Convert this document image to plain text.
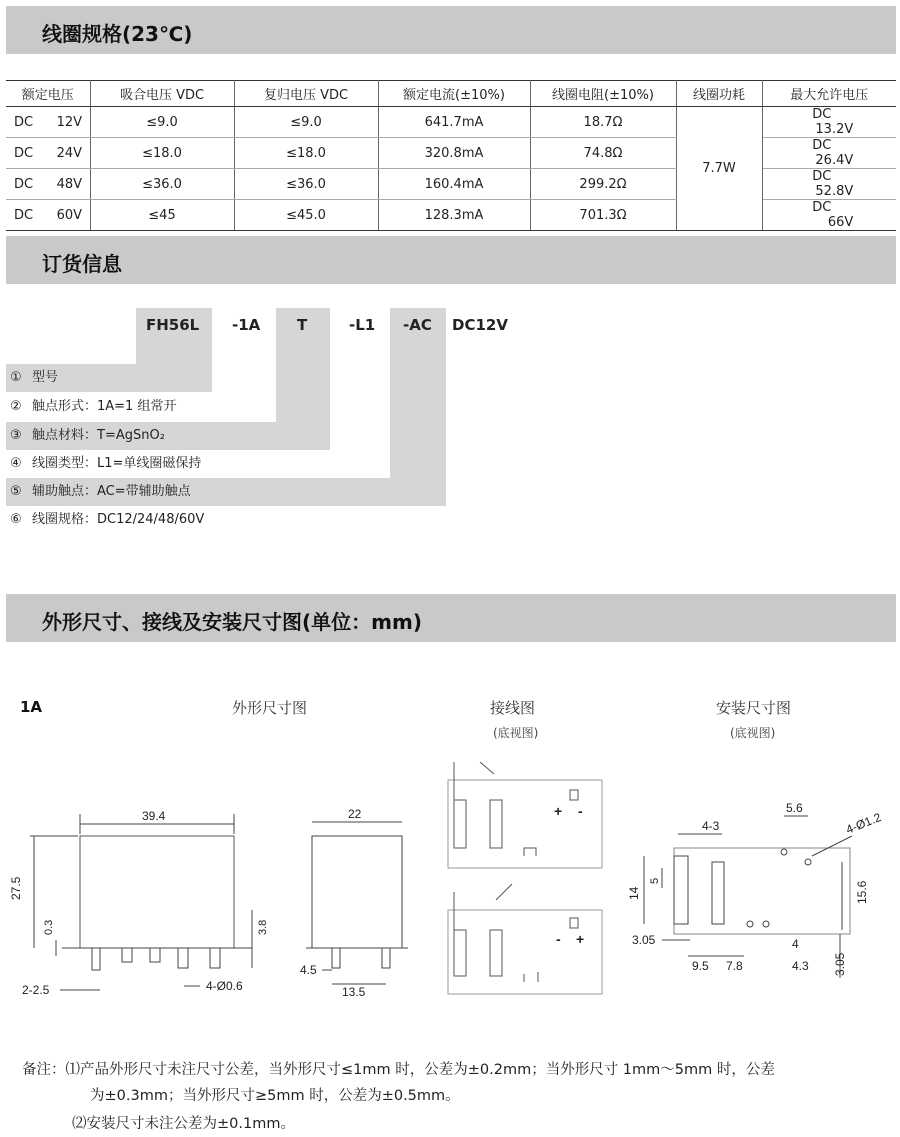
线圈规格(23℃)
额定电压	吸合电压 VDC	复归电压 VDC	额定电流(±10%)	线圈电阻(±10%)	线圈功耗	最大允许电压
DC 12V	≤9.0	≤9.0	641.7mA	18.7Ω	7.7W	DC13.2V
DC 24V	≤18.0	≤18.0	320.8mA	74.8Ω		DC26.4V
DC 48V	≤36.0	≤36.0	160.4mA	299.2Ω		DC52.8V
DC 60V	≤45	≤45.0	128.3mA	701.3Ω		DC66V
订货信息
FH56L -1A T	-L1 -AC DC12V
① 型号
② 触点形式：1A=1 组常开
③ 触点材料：T=AgSnO₂
④ 线圈类型：L1=单线圈磁保持
⑤ 辅助触点：AC=带辅助触点
⑥ 线圈规格：DC12/24/48/60V
外形尺寸、接线及安装尺寸图(单位：mm)
1A	外形尺寸图	接线图
(底视图)
安装尺寸图
(底视图)
39.4
27.5
0.3	3.8
2-2.5	4-Ø0.6
22
4.5
13.5
+ -
- +
4-3
5.6
4-Ø1.2
5
14	15.6
3.05	4
9.5 7.8	4.3 3.05
备注：⑴产品外形尺寸未注尺寸公差，当外形尺寸≤1mm 时，公差为±0.2mm；当外形尺寸 1mm～5mm 时，公差
为±0.3mm；当外形尺寸≥5mm 时，公差为±0.5mm。
⑵安装尺寸未注公差为±0.1mm。
